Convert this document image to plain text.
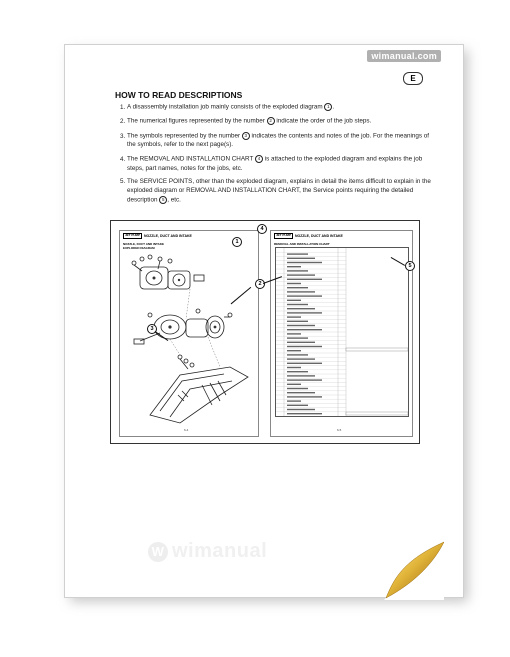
wimanual.com
E
HOW TO READ DESCRIPTIONS
1. A disassembly installation job mainly consists of the exploded diagram 1 .
2. The numerical figures represented by the number 2 indicate the order of the job steps.
3. The symbols represented by the number 3 indicates the contents and notes of the job. For the meanings of the symbols, refer to the next page(s).
4. The REMOVAL AND INSTALLATION CHART 4 is attached to the exploded diagram and explains the job steps, part names, notes for the jobs, etc.
5. The SERVICE POINTS, other than the exploded diagram, explains in detail the items difficult to explain in the exploded diagram or REMOVAL AND INSTALLATION CHART, the Service points requiring the detailed description 5 , etc.
JET PUMP	NOZZLE, DUCT AND INTAKE
NOZZLE, DUCT AND INTAKE
EXPLODED DIAGRAM
6-4
JET PUMP	NOZZLE, DUCT AND INTAKE
REMOVAL AND INSTALLATION CHART
6-5
1
2
3
4
5
W wimanual
